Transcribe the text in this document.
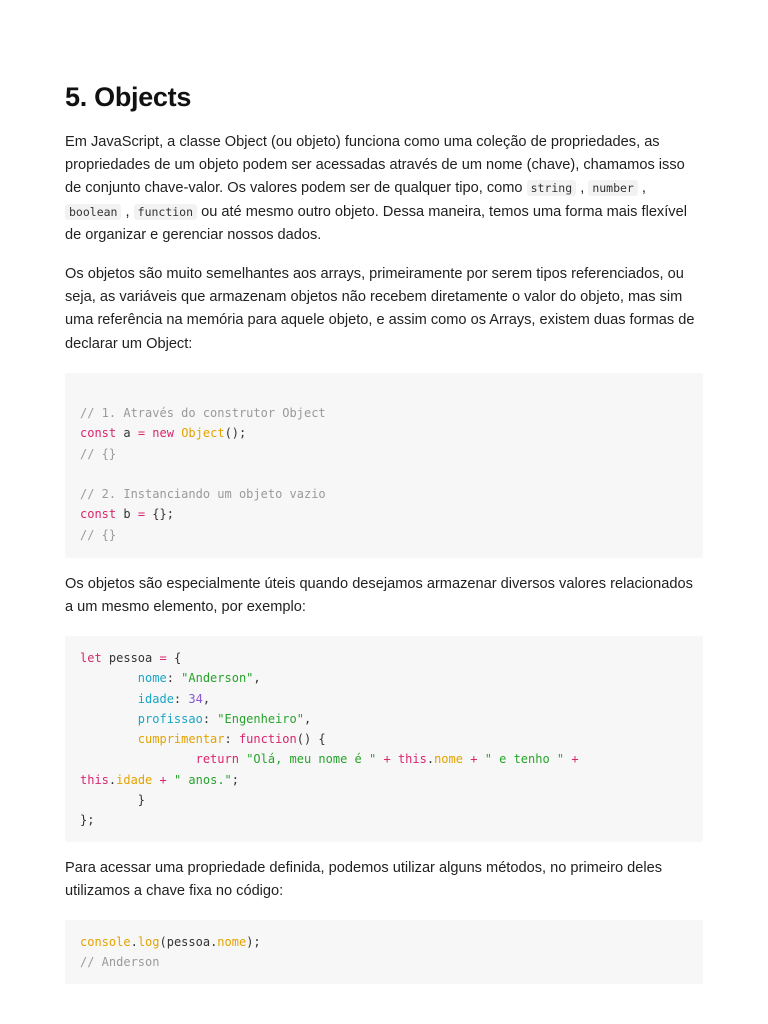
5. Objects

Em JavaScript, a classe Object (ou objeto) funciona como uma coleção de propriedades, as propriedades de um objeto podem ser acessadas através de um nome (chave), chamamos isso de conjunto chave-valor. Os valores podem ser de qualquer tipo, como string , number ,
boolean , function ou até mesmo outro objeto. Dessa maneira, temos uma forma mais flexível de organizar e gerenciar nossos dados.

Os objetos são muito semelhantes aos arrays, primeiramente por serem tipos referenciados, ou seja, as variáveis que armazenam objetos não recebem diretamente o valor do objeto, mas sim uma referência na memória para aquele objeto, e assim como os Arrays, existem duas formas de declarar um Object:

// 1. Através do construtor Object
const a = new Object();
// {}

// 2. Instanciando um objeto vazio
const b = {};
// {}

Os objetos são especialmente úteis quando desejamos armazenar diversos valores relacionados a um mesmo elemento, por exemplo:

let pessoa = {
nome: "Anderson",
idade: 34,
profissao: "Engenheiro",
cumprimentar: function() {
return "Olá, meu nome é " + this.nome + " e tenho " +
this.idade + " anos.";
}
};

Para acessar uma propriedade definida, podemos utilizar alguns métodos, no primeiro deles utilizamos a chave fixa no código:

console.log(pessoa.nome);
// Anderson
